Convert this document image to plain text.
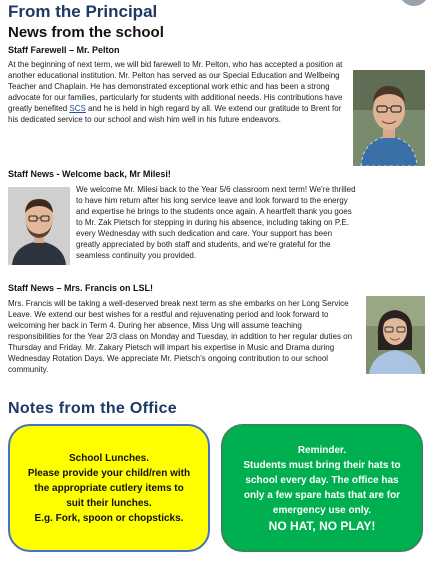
From the Principal
News from the school
Staff Farewell – Mr. Pelton

At the beginning of next term, we will bid farewell to Mr. Pelton, who has accepted a position at another educational institution. Mr. Pelton has served as our Special Education and Wellbeing Teacher and Chaplain. He has demonstrated exceptional work ethic and has been a strong advocate for our families, particularly for students with additional needs. His contributions have greatly benefited SCS and he is held in high regard by all. We extend our gratitude to Brent for his dedicated service to our school and wish him well in his future endeavors.

Staff News - Welcome back, Mr Milesi!

We welcome Mr. Milesi back to the Year 5/6 classroom next term! We're thrilled to have him return after his long service leave and look forward to the energy and expertise he brings to the students once again. A heartfelt thank you goes to Mr. Zak Pietsch for stepping in during his absence, including taking on P.E. every Wednesday with such dedication and care. Your support has been greatly appreciated by both staff and students, and we're grateful for the seamless continuity you provided.

Staff News – Mrs. Francis on LSL!

Mrs. Francis will be taking a well-deserved break next term as she embarks on her Long Service Leave. We extend our best wishes for a restful and rejuvenating period and look forward to welcoming her back in Term 4. During her absence, Miss Ung will assume teaching responsibilities for the Year 2/3 class on Monday and Tuesday, in addition to her regular duties on Thursday and Friday. Mr. Zakary Pietsch will impart his expertise in Music and Drama during Wednesday Rotation Days. We appreciate Mr. Pietsch's ongoing contribution to our school community.

Notes from the Office
School Lunches.
Please provide your child/ren with the appropriate cutlery items to suit their lunches.
E.g. Fork, spoon or chopsticks.
Reminder.
Students must bring their hats to school every day. The office has only a few spare hats that are for emergency use only.
NO HAT, NO PLAY!
